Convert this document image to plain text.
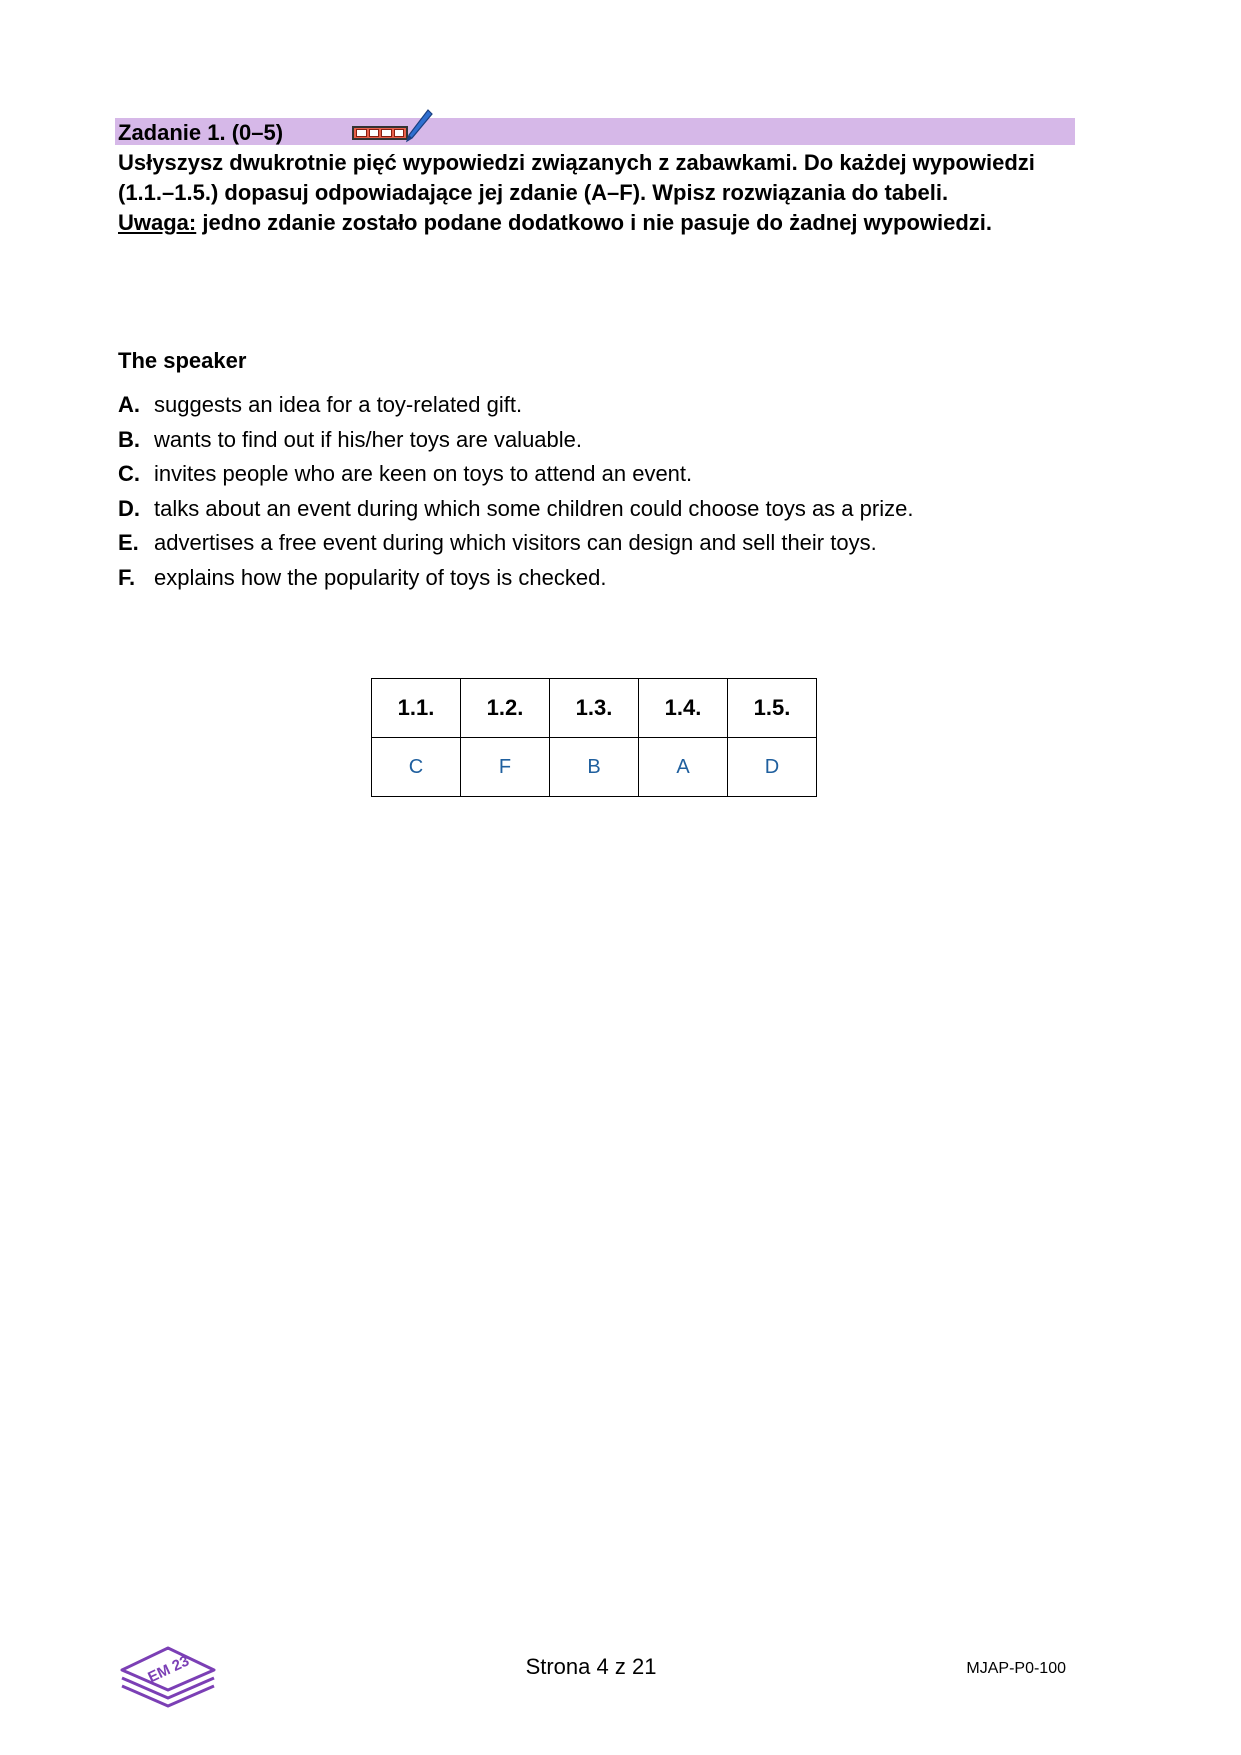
Zadanie 1. (0–5)

Usłyszysz dwukrotnie pięć wypowiedzi związanych z zabawkami. Do każdej wypowiedzi (1.1.–1.5.) dopasuj odpowiadające jej zdanie (A–F). Wpisz rozwiązania do tabeli.

Uwaga: jedno zdanie zostało podane dodatkowo i nie pasuje do żadnej wypowiedzi.

The speaker
A. suggests an idea for a toy-related gift.
B. wants to find out if his/her toys are valuable.
C. invites people who are keen on toys to attend an event.
D. talks about an event during which some children could choose toys as a prize.
E. advertises a free event during which visitors can design and sell their toys.
F. explains how the popularity of toys is checked.
1.1.	1.2.	1.3.	1.4.	1.5.
C	F	B	A	D
EM 23	Strona 4 z 21	MJAP-P0-100
